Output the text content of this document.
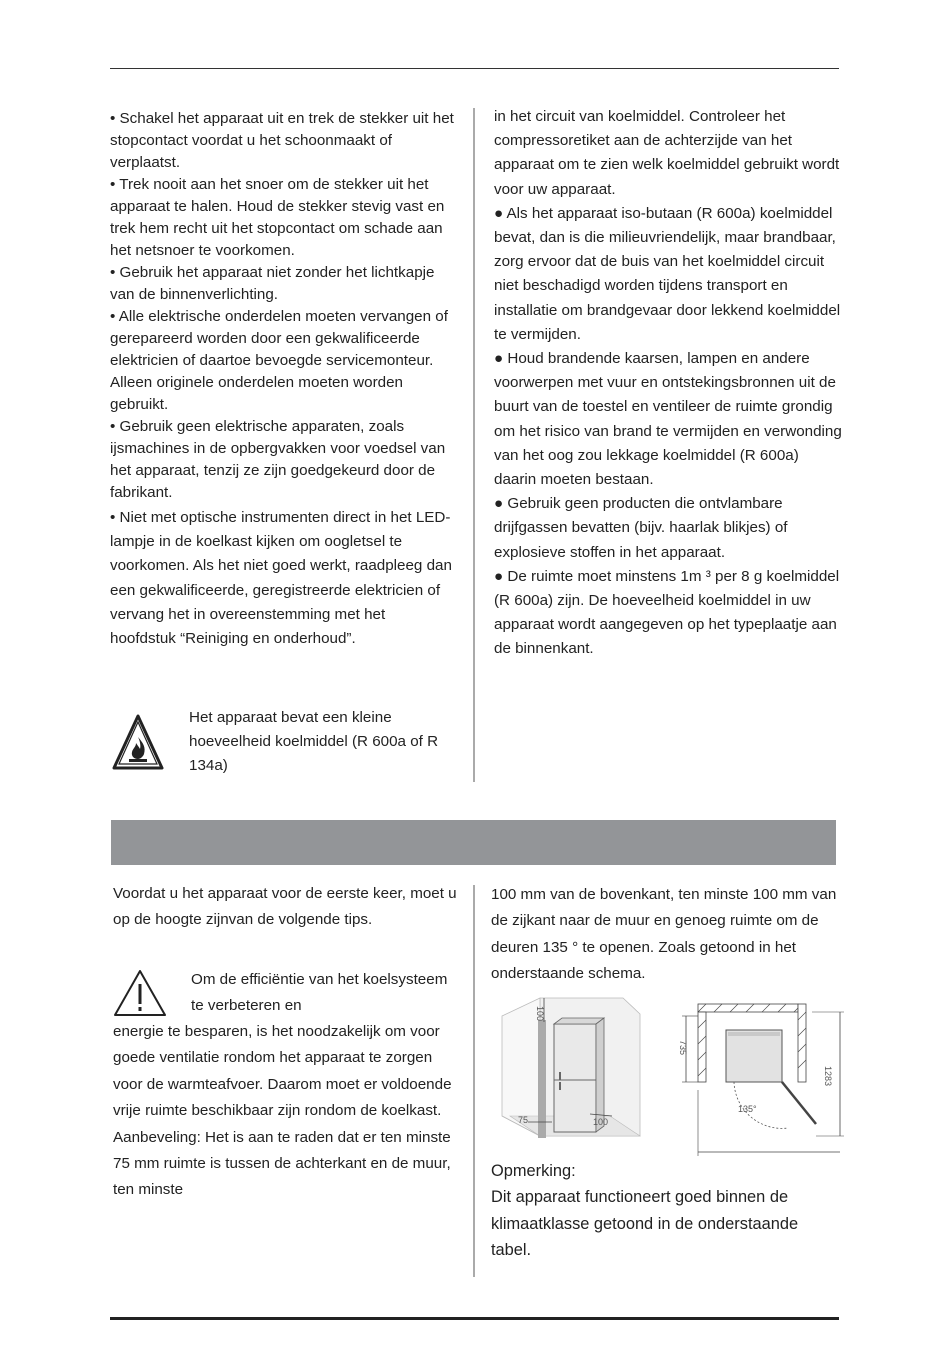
• Schakel het apparaat uit en trek de stekker uit het stopcontact voordat u het schoonmaakt of verplaatst.

• Trek nooit aan het snoer om de stekker uit het apparaat te halen. Houd de stekker stevig vast en trek hem recht uit het stopcontact om schade aan het netsnoer te voorkomen.

• Gebruik het apparaat niet zonder het lichtkapje van de binnenverlichting.

• Alle elektrische onderdelen moeten vervangen of gerepareerd worden door een gekwalificeerde elektricien of daartoe bevoegde servicemonteur. Alleen originele onderdelen moeten worden gebruikt.

• Gebruik geen elektrische apparaten, zoals ijsmachines in de opbergvakken voor voedsel van het apparaat, tenzij ze zijn goedgekeurd door de fabrikant.

• Niet met optische instrumenten direct in het LED-lampje in de koelkast kijken om oogletsel te voorkomen. Als het niet goed werkt, raadpleeg dan een gekwalificeerde, geregistreerde elektricien of vervang het in overeenstemming met het hoofdstuk “Reiniging en onderhoud”.

Het apparaat bevat een kleine hoeveelheid koelmiddel (R 600a of R 134a)

in het circuit van koelmiddel. Controleer het compressoretiket aan de achterzijde van het apparaat om te zien welk koelmiddel gebruikt wordt voor uw apparaat.

● Als het apparaat iso-butaan (R 600a) koelmiddel bevat, dan is die milieuvriendelijk, maar brandbaar, zorg ervoor dat de buis van het koelmiddel circuit niet beschadigd worden tijdens transport en installatie om brandgevaar door lekkend koelmiddel te vermijden.

● Houd brandende kaarsen, lampen en andere voorwerpen met vuur en ontstekingsbronnen uit de buurt van de toestel en ventileer de ruimte grondig om het risico van brand te vermijden en verwonding van het oog zou lekkage koelmiddel (R 600a) daarin moeten bestaan.

● Gebruik geen producten die ontvlambare drijfgassen bevatten (bijv. haarlak blikjes) of explosieve stoffen in het apparaat.

● De ruimte moet minstens 1m ³ per 8 g koelmiddel (R 600a) zijn. De hoeveelheid koelmiddel in uw apparaat wordt aangegeven op het typeplaatje aan de binnenkant.

Voordat u het apparaat voor de eerste keer, moet u op de hoogte zijnvan de volgende tips.
Om de efficiëntie van het koelsysteem te verbeteren en
energie te besparen, is het noodzakelijk om voor goede ventilatie rondom het apparaat te zorgen voor de warmteafvoer. Daarom moet er voldoende vrije ruimte beschikbaar zijn rondom de koelkast. Aanbeveling: Het is aan te raden dat er ten minste 75 mm ruimte is tussen de achterkant en de muur, ten minste
100 mm van de bovenkant, ten minste 100 mm van de zijkant naar de muur en genoeg ruimte om de deuren 135 ° te openen. Zoals getoond in het onderstaande schema.
100
75	100
135°
735
1283

Opmerking:

Dit apparaat functioneert goed binnen de klimaatklasse getoond in de onderstaande tabel.
